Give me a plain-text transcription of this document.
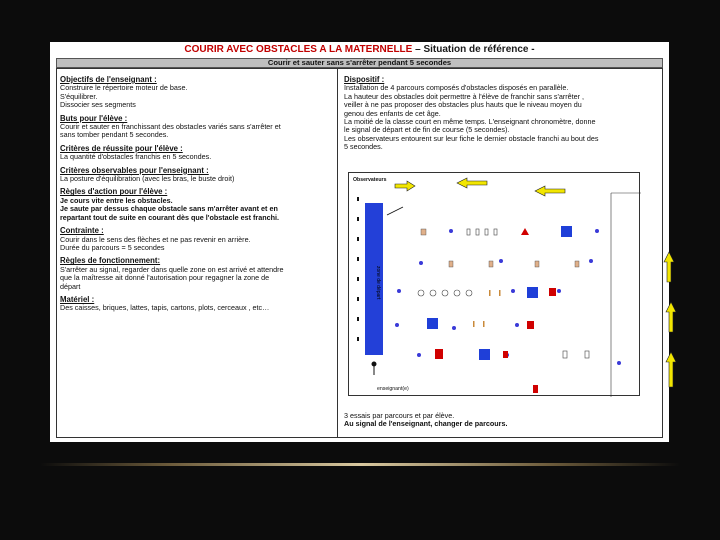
COURIR AVEC OBSTACLES A LA MATERNELLE – Situation de référence -
Courir et sauter sans s'arrêter pendant 5 secondes

Objectifs de l'enseignant :

Construire le répertoire moteur de base.

S'équilibrer.

Dissocier ses segments

Buts pour l'élève :

Courir et sauter en franchissant des obstacles variés sans s'arrêter et

sans tomber pendant 5 secondes.

Critères de réussite pour l'élève :

La quantité d'obstacles franchis en 5 secondes.

Critères observables pour l'enseignant :

La posture d'équilibration (avec les bras, le buste droit)

Règles d'action pour l'élève :

Je cours vite entre les obstacles.

Je saute par dessus chaque obstacle sans m'arrêter avant et en

repartant tout de suite en courant dès que l'obstacle est franchi.

Contrainte :

Courir dans le sens des flèches et ne pas revenir en arrière.

Durée du parcours = 5 secondes

Règles de fonctionnement:

S'arrêter au signal, regarder dans quelle zone on est arrivé et attendre

que la maîtresse ait donné l'autorisation pour regagner la zone de

départ

Matériel :

Des caisses, briques, lattes, tapis, cartons, plots, cerceaux , etc…

Dispositif :

Installation de 4 parcours composés d'obstacles disposés en parallèle.

La hauteur des obstacles doit permettre à l'élève de franchir sans s'arrêter ,

veiller à ne pas proposer des obstacles plus hauts que le niveau moyen du

genou des enfants de cet âge.

La moitié de la classe court en même temps. L'enseignant chronomètre, donne

le signal de départ et de fin de course (5 secondes).

Les observateurs entourent sur leur fiche le dernier obstacle franchi au bout des

5 secondes.

Observateurs
zone de départ
enseignant(e)

3 essais par parcours et par élève.

Au signal de l'enseignant, changer de parcours.
